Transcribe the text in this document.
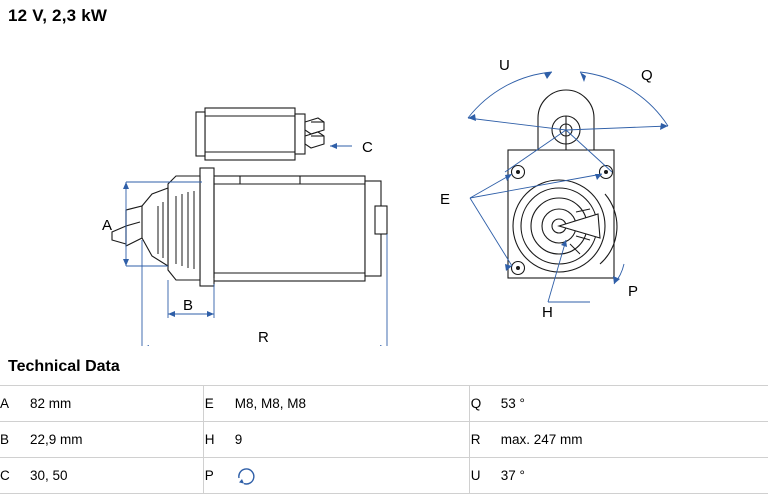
12 V, 2,3 kW
A
B
R
C
U
Q
E
H
P
Technical Data
A	82 mm		E	M8, M8, M8		Q	53 °
B	22,9 mm		H	9		R	max. 247 mm
C	30, 50		P			U	37 °
